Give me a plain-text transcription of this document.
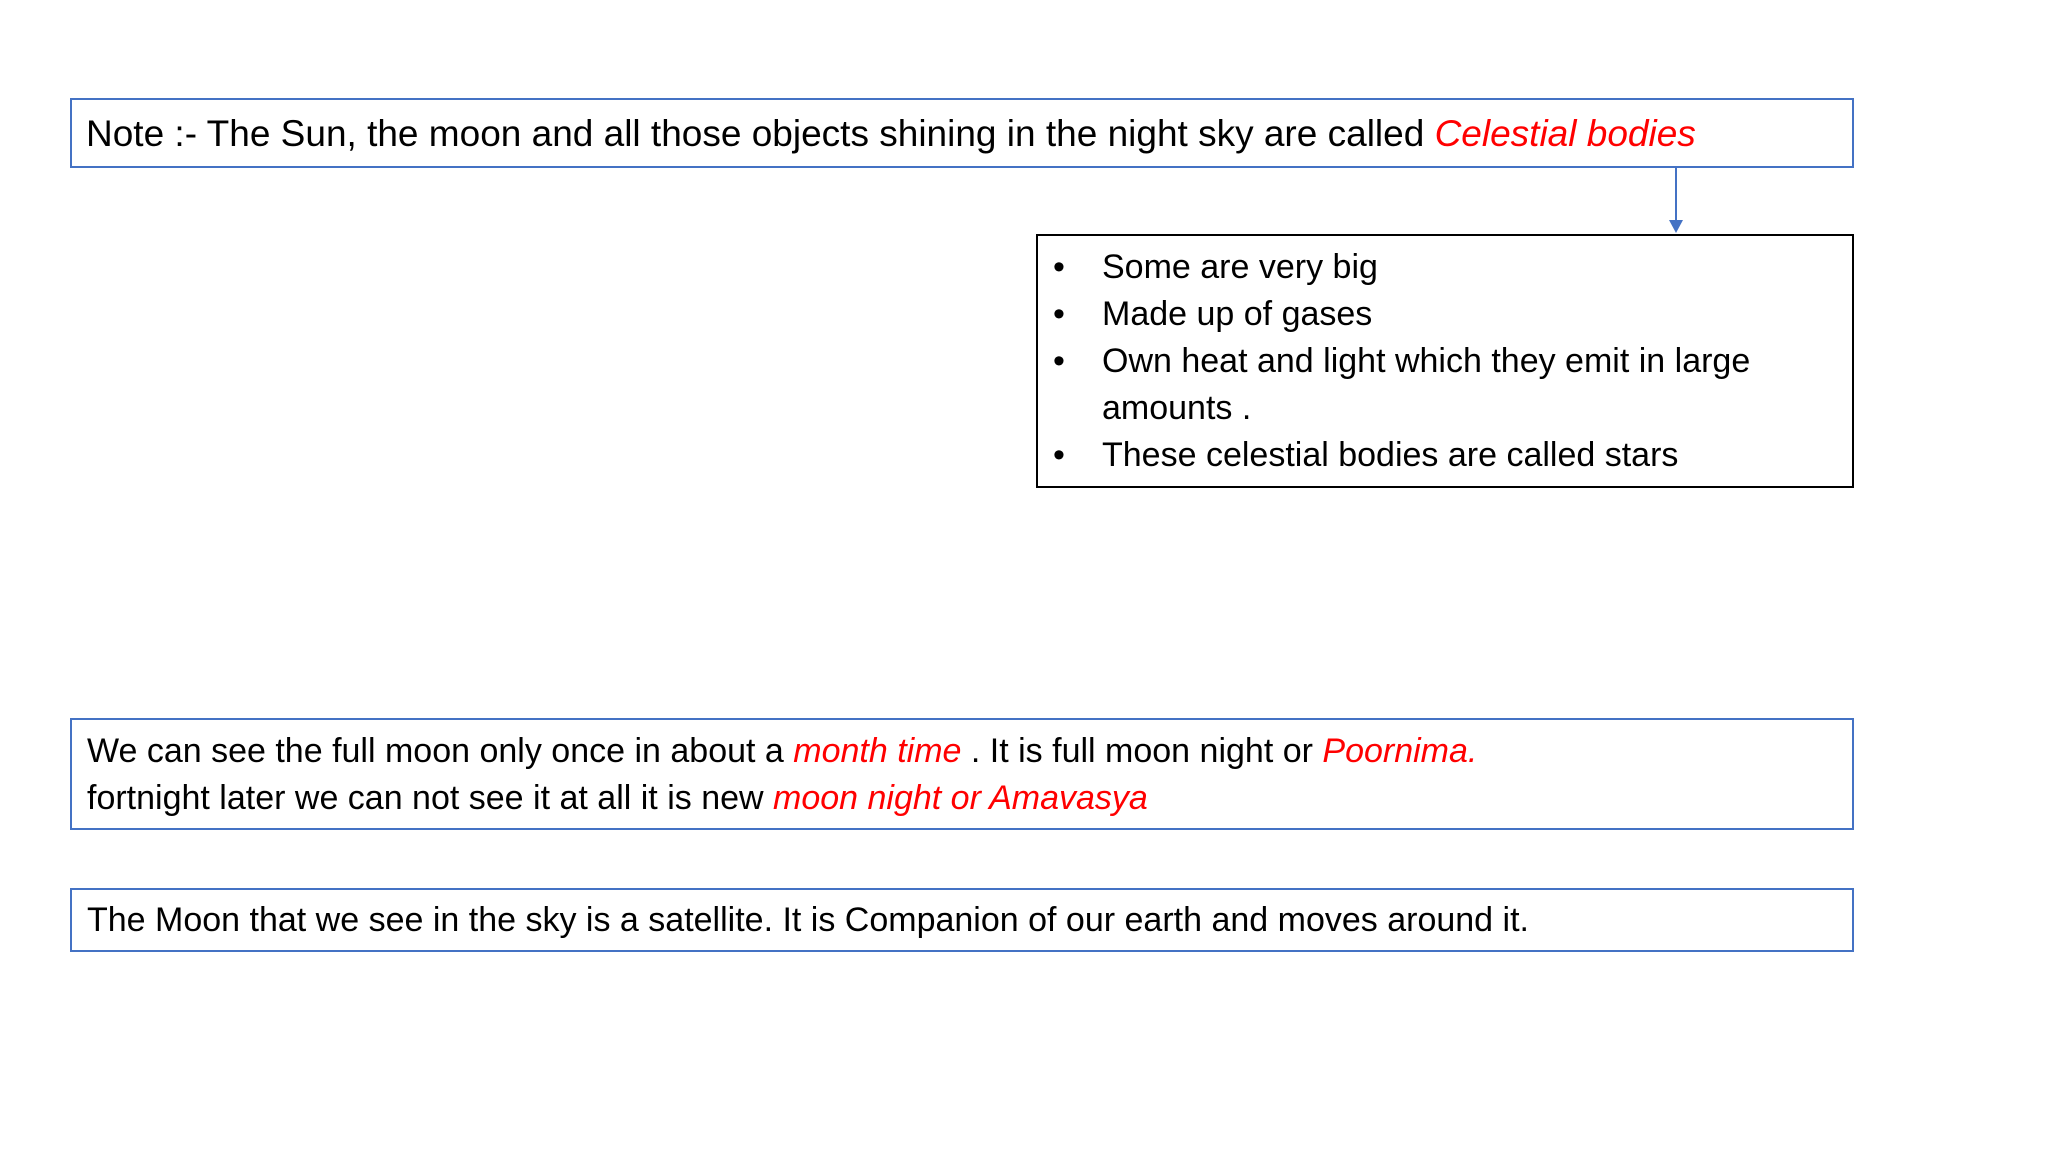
Note :- The Sun, the moon and all those objects shining in the night sky are called Celestial bodies
• Some are very big
• Made up of gases
• Own heat and light which they emit in large amounts .
• These celestial bodies are called stars
We can see the full moon only once in about a month time . It is full moon night or Poornima.
fortnight later we can not see it at all it is new moon night or Amavasya
The Moon that we see in the sky is a satellite. It is Companion of our earth and moves around it.
